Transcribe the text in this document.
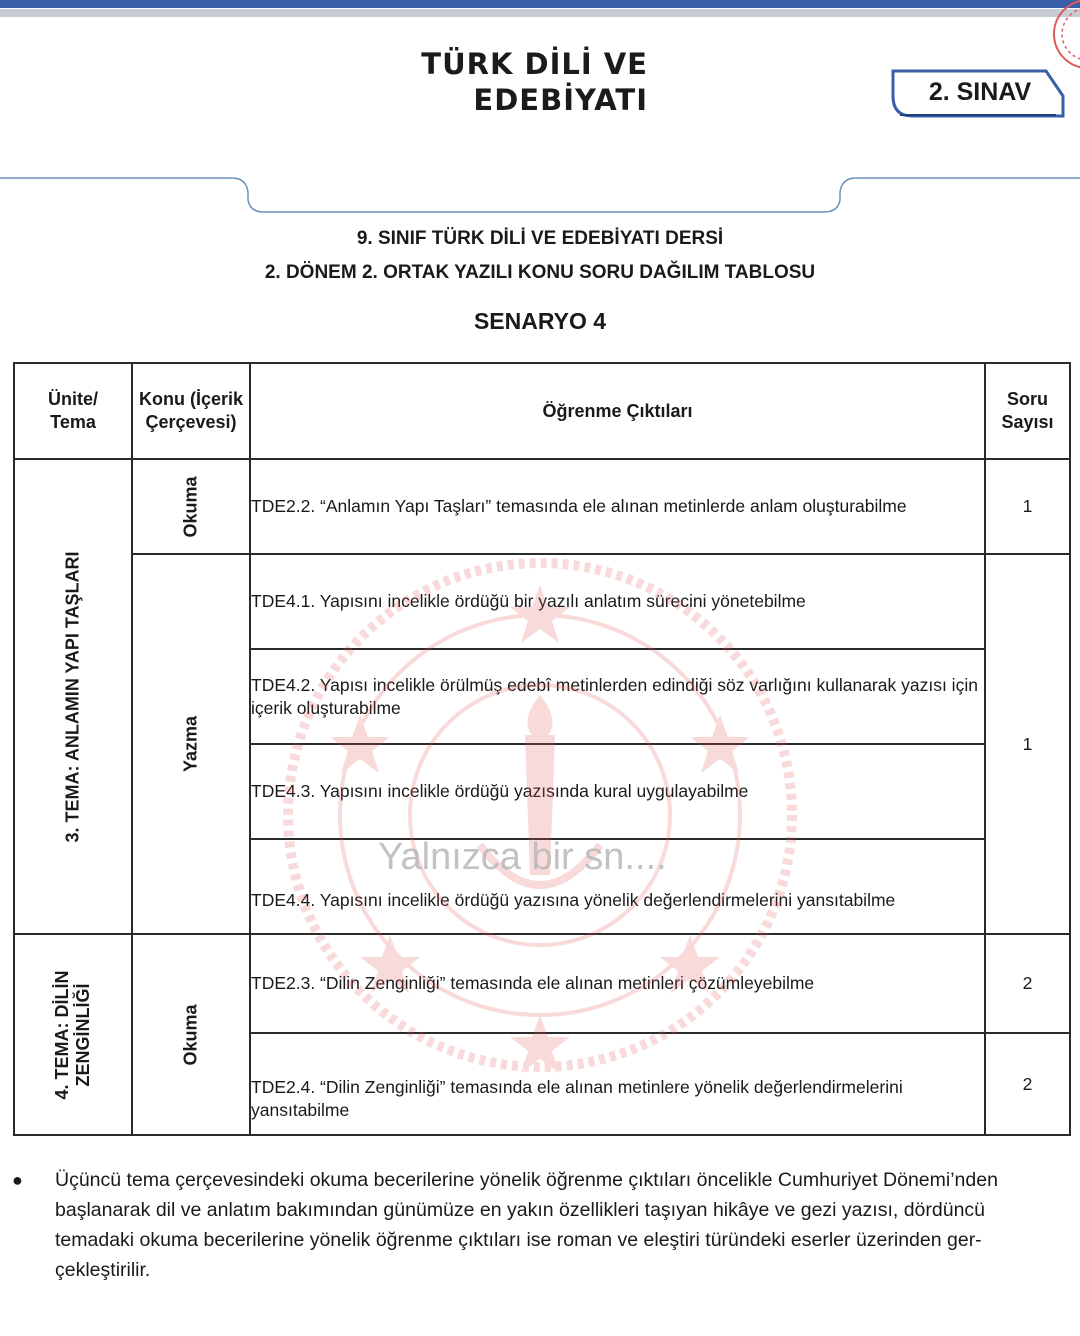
TÜRK DİLİ VE
EDEBİYATI	2. SINAV
9. SINIF TÜRK DİLİ VE EDEBİYATI DERSİ
2. DÖNEM 2. ORTAK YAZILI KONU SORU DAĞILIM TABLOSU
SENARYO 4
Ünite/ Tema	Konu (İçerik Çerçevesi)	Öğrenme Çıktıları	Soru Sayısı

3. TEMA: ANLAMIN YAPI TAŞLARI	Okuma	TDE2.2. “Anlamın Yapı Taşları” temasında ele alınan metinlerde anlam oluşturabilme	1

	Yazma	TDE4.1. Yapısını incelikle ördüğü bir yazılı anlatım sürecini yönetebilme	1
		TDE4.2. Yapısı incelikle örülmüş edebî metinlerden edindiği söz varlığını kullanarak yazısı için içerik oluşturabilme	
		TDE4.3. Yapısını incelikle ördüğü yazısında kural uygulayabilme	
		TDE4.4. Yapısını incelikle ördüğü yazısına yönelik değerlendirmelerini yansıtabilme	

4. TEMA: DİLİN ZENGİNLİĞİ	Okuma	TDE2.3. “Dilin Zenginliği” temasında ele alınan metinleri çözümleyebilme	2
		TDE2.4. “Dilin Zenginliği” temasında ele alınan metinlere yönelik değerlendirmelerini yansıtabilme	2
Yalnızca bir sn....
● Üçüncü tema çerçevesindeki okuma becerilerine yönelik öğrenme çıktıları öncelikle Cumhuriyet Dönemi’nden başlanarak dil ve anlatım bakımından günümüze en yakın özellikleri taşıyan hikâye ve gezi yazısı, dördüncü temadaki okuma becerilerine yönelik öğrenme çıktıları ise roman ve eleştiri türündeki eserler üzerinden ger-çekleştirilir.
